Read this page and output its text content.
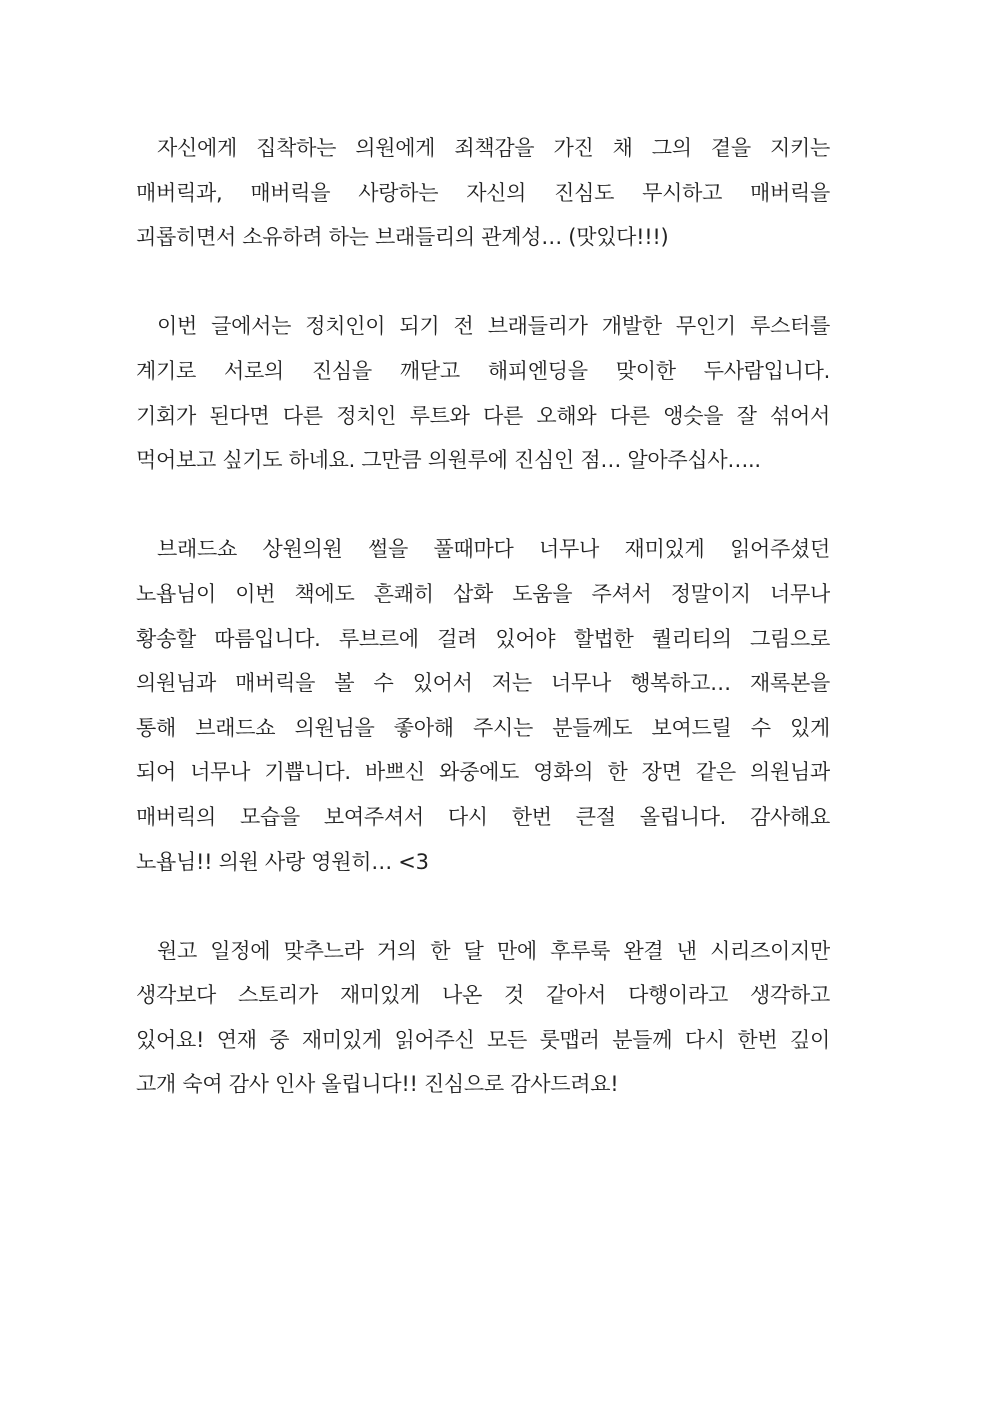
자신에게 집착하는 의원에게 죄책감을 가진 채 그의 곁을 지키는
매버릭과, 매버릭을 사랑하는 자신의 진심도 무시하고 매버릭을
괴롭히면서 소유하려 하는 브래들리의 관계성… (맛있다!!!)
이번 글에서는 정치인이 되기 전 브래들리가 개발한 무인기 루스터를
계기로 서로의 진심을 깨닫고 해피엔딩을 맞이한 두사람입니다.
기회가 된다면 다른 정치인 루트와 다른 오해와 다른 앵슷을 잘 섞어서
먹어보고 싶기도 하네요. 그만큼 의원루에 진심인 점… 알아주십사…..
브래드쇼 상원의원 썰을 풀때마다 너무나 재미있게 읽어주셨던
노욥님이 이번 책에도 흔쾌히 삽화 도움을 주셔서 정말이지 너무나
황송할 따름입니다. 루브르에 걸려 있어야 할법한 퀄리티의 그림으로
의원님과 매버릭을 볼 수 있어서 저는 너무나 행복하고… 재록본을
통해 브래드쇼 의원님을 좋아해 주시는 분들께도 보여드릴 수 있게
되어 너무나 기쁩니다. 바쁘신 와중에도 영화의 한 장면 같은 의원님과
매버릭의 모습을 보여주셔서 다시 한번 큰절 올립니다. 감사해요
노욥님!! 의원 사랑 영원히… <3
원고 일정에 맞추느라 거의 한 달 만에 후루룩 완결 낸 시리즈이지만
생각보다 스토리가 재미있게 나온 것 같아서 다행이라고 생각하고
있어요! 연재 중 재미있게 읽어주신 모든 룻맵러 분들께 다시 한번 깊이
고개 숙여 감사 인사 올립니다!! 진심으로 감사드려요!
